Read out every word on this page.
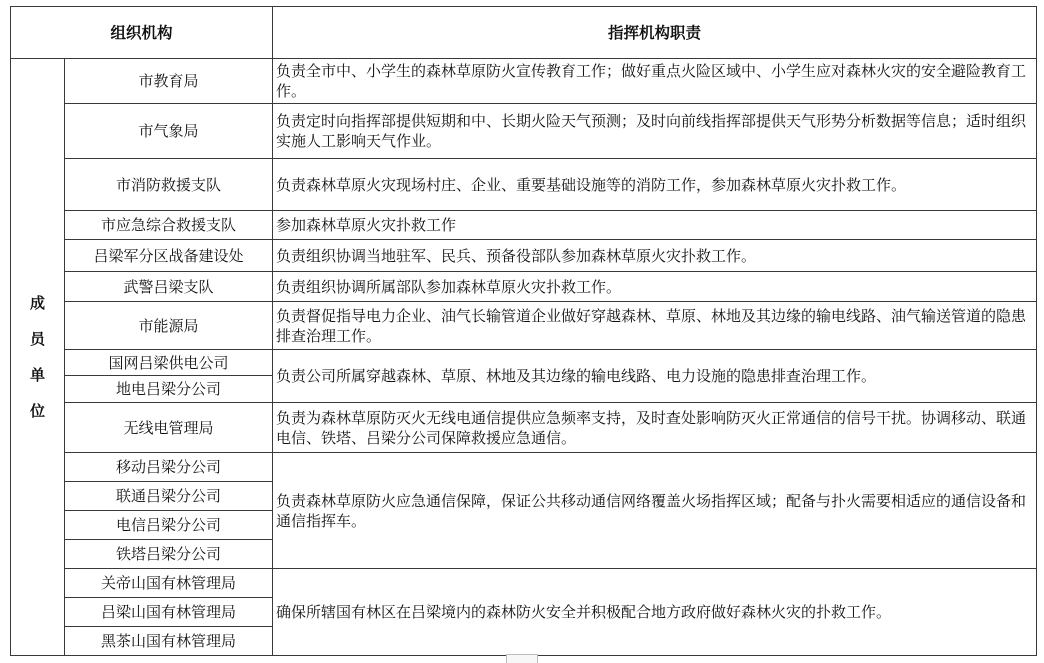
组织机构		指挥机构职责

成
员
单
位	市教育局	负责全市中、小学生的森林草原防火宣传教育工作；做好重点火险区域中、小学生应对森林火灾的安全避险教育工作。
	市气象局	负责定时向指挥部提供短期和中、长期火险天气预测；及时向前线指挥部提供天气形势分析数据等信息；适时组织实施人工影响天气作业。
	市消防救援支队	负责森林草原火灾现场村庄、企业、重要基础设施等的消防工作，参加森林草原火灾扑救工作。
	市应急综合救援支队	参加森林草原火灾扑救工作
	吕梁军分区战备建设处	负责组织协调当地驻军、民兵、预备役部队参加森林草原火灾扑救工作。
	武警吕梁支队	负责组织协调所属部队参加森林草原火灾扑救工作。
	市能源局	负责督促指导电力企业、油气长输管道企业做好穿越森林、草原、林地及其边缘的输电线路、油气输送管道的隐患排查治理工作。
	国网吕梁供电公司	负责公司所属穿越森林、草原、林地及其边缘的输电线路、电力设施的隐患排查治理工作。
	地电吕梁分公司	
	无线电管理局	负责为森林草原防灭火无线电通信提供应急频率支持，及时查处影响防灭火正常通信的信号干扰。协调移动、联通电信、铁塔、吕梁分公司保障救援应急通信。
	移动吕梁分公司	负责森林草原防火应急通信保障，保证公共移动通信网络覆盖火场指挥区域；配备与扑火需要相适应的通信设备和通信指挥车。
	联通吕梁分公司	
	电信吕梁分公司	
	铁塔吕梁分公司	
	关帝山国有林管理局	确保所辖国有林区在吕梁境内的森林防火安全并积极配合地方政府做好森林火灾的扑救工作。
	吕梁山国有林管理局	
	黑茶山国有林管理局	
